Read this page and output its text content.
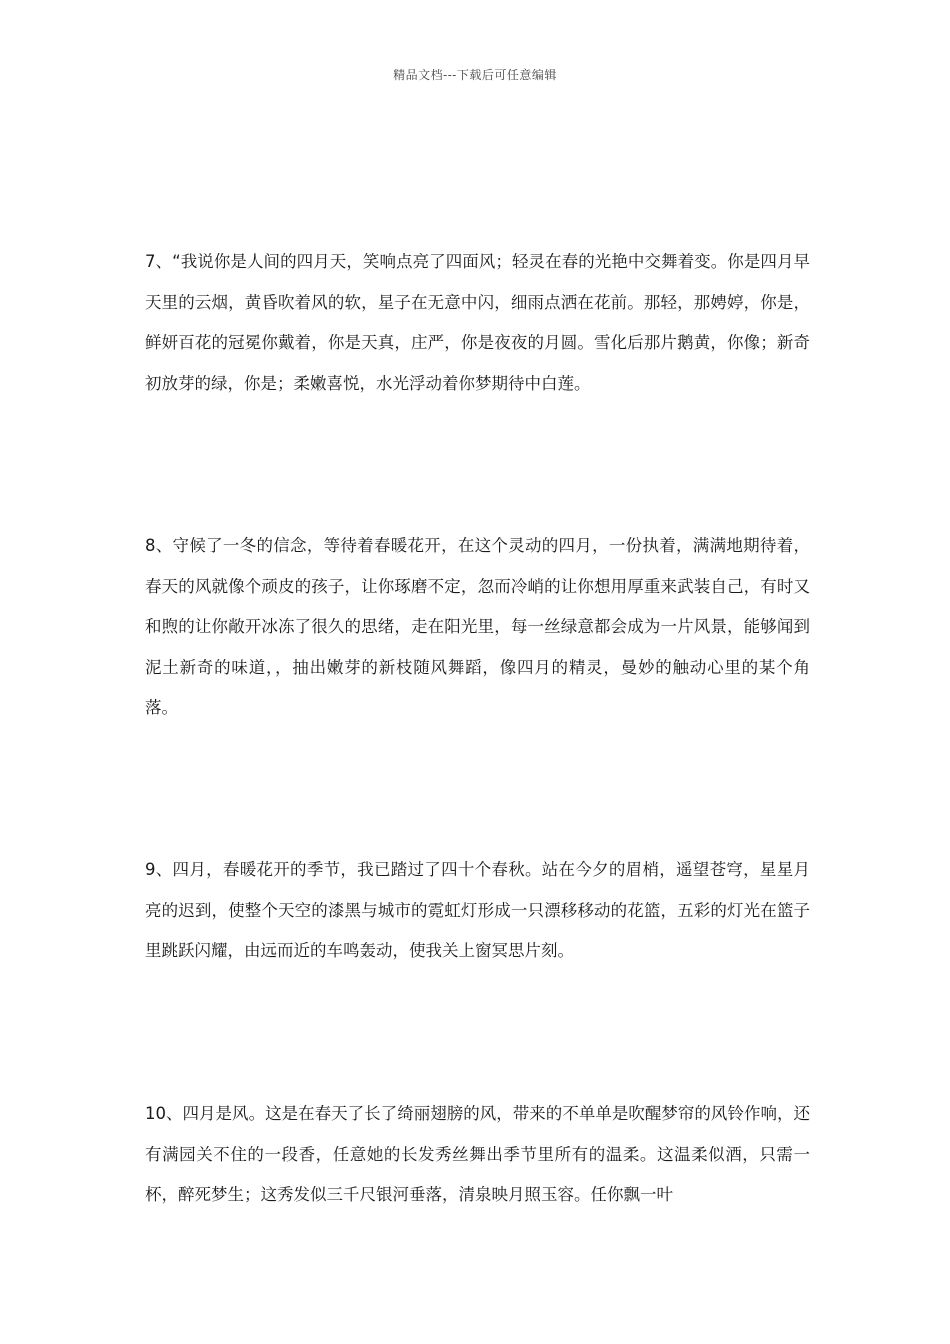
精品文档---下载后可任意编辑

7、“我说你是人间的四月天，笑响点亮了四面风；轻灵在春的光艳中交舞着变。你是四月早天里的云烟，黄昏吹着风的软，星子在无意中闪，细雨点洒在花前。那轻，那娉婷，你是，鲜妍百花的冠冕你戴着，你是天真，庄严，你是夜夜的月圆。雪化后那片鹅黄，你像；新奇初放芽的绿，你是；柔嫩喜悦，水光浮动着你梦期待中白莲。

8、守候了一冬的信念，等待着春暖花开，在这个灵动的四月，一份执着，满满地期待着，春天的风就像个顽皮的孩子，让你琢磨不定，忽而冷峭的让你想用厚重来武装自己，有时又和煦的让你敞开冰冻了很久的思绪，走在阳光里，每一丝绿意都会成为一片风景，能够闻到泥土新奇的味道，，抽出嫩芽的新枝随风舞蹈，像四月的精灵，曼妙的触动心里的某个角落。

9、四月，春暖花开的季节，我已踏过了四十个春秋。站在今夕的眉梢，遥望苍穹，星星月亮的迟到，使整个天空的漆黑与城市的霓虹灯形成一只漂移移动的花篮，五彩的灯光在篮子里跳跃闪耀，由远而近的车鸣轰动，使我关上窗冥思片刻。

10、四月是风。这是在春天了长了绮丽翅膀的风，带来的不单单是吹醒梦帘的风铃作响，还有满园关不住的一段香，任意她的长发秀丝舞出季节里所有的温柔。这温柔似酒，只需一杯，醉死梦生；这秀发似三千尺银河垂落，清泉映月照玉容。任你飘一叶
